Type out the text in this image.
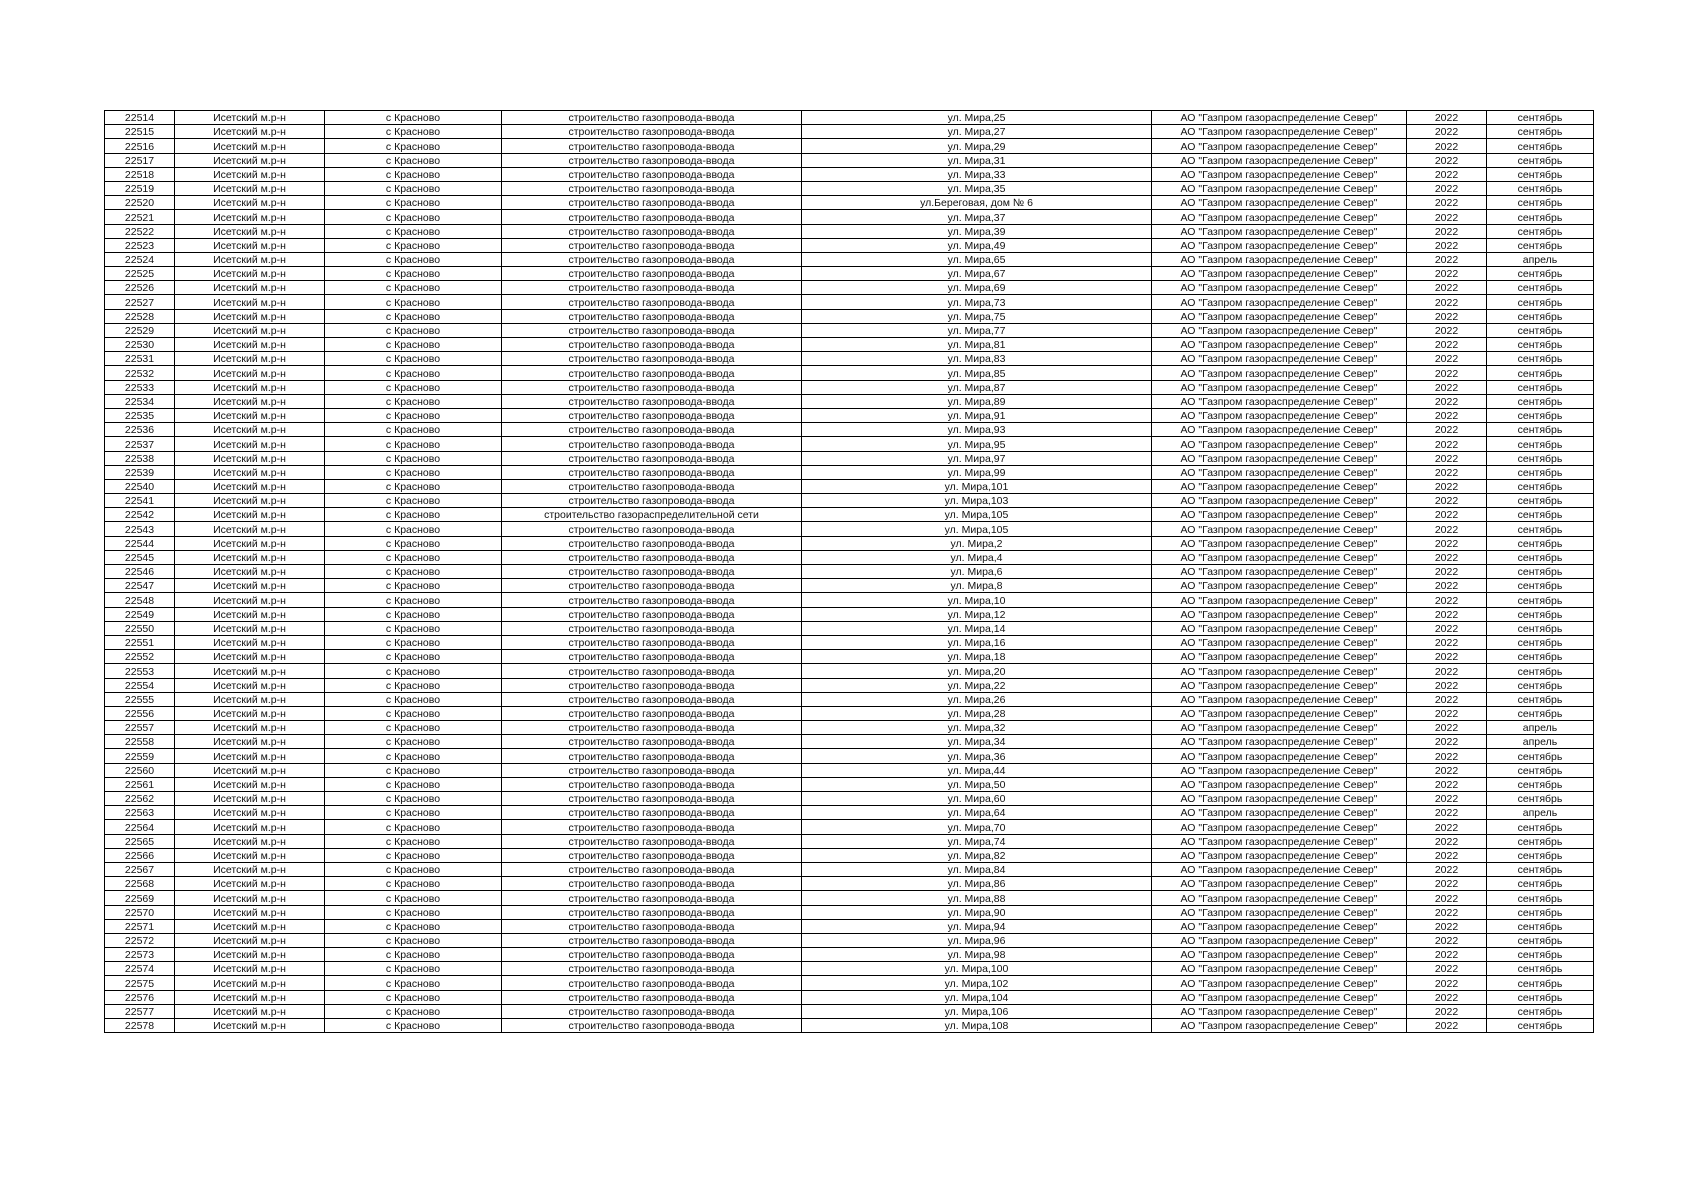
22514	Исетский м.р-н	с Красново	строительство газопровода-ввода	ул. Мира,25	АО "Газпром газораспределение Север"	2022	сентябрь
22515	Исетский м.р-н	с Красново	строительство газопровода-ввода	ул. Мира,27	АО "Газпром газораспределение Север"	2022	сентябрь
22516	Исетский м.р-н	с Красново	строительство газопровода-ввода	ул. Мира,29	АО "Газпром газораспределение Север"	2022	сентябрь
22517	Исетский м.р-н	с Красново	строительство газопровода-ввода	ул. Мира,31	АО "Газпром газораспределение Север"	2022	сентябрь
22518	Исетский м.р-н	с Красново	строительство газопровода-ввода	ул. Мира,33	АО "Газпром газораспределение Север"	2022	сентябрь
22519	Исетский м.р-н	с Красново	строительство газопровода-ввода	ул. Мира,35	АО "Газпром газораспределение Север"	2022	сентябрь
22520	Исетский м.р-н	с Красново	строительство газопровода-ввода	ул.Береговая, дом № 6	АО "Газпром газораспределение Север"	2022	сентябрь
22521	Исетский м.р-н	с Красново	строительство газопровода-ввода	ул. Мира,37	АО "Газпром газораспределение Север"	2022	сентябрь
22522	Исетский м.р-н	с Красново	строительство газопровода-ввода	ул. Мира,39	АО "Газпром газораспределение Север"	2022	сентябрь
22523	Исетский м.р-н	с Красново	строительство газопровода-ввода	ул. Мира,49	АО "Газпром газораспределение Север"	2022	сентябрь
22524	Исетский м.р-н	с Красново	строительство газопровода-ввода	ул. Мира,65	АО "Газпром газораспределение Север"	2022	апрель
22525	Исетский м.р-н	с Красново	строительство газопровода-ввода	ул. Мира,67	АО "Газпром газораспределение Север"	2022	сентябрь
22526	Исетский м.р-н	с Красново	строительство газопровода-ввода	ул. Мира,69	АО "Газпром газораспределение Север"	2022	сентябрь
22527	Исетский м.р-н	с Красново	строительство газопровода-ввода	ул. Мира,73	АО "Газпром газораспределение Север"	2022	сентябрь
22528	Исетский м.р-н	с Красново	строительство газопровода-ввода	ул. Мира,75	АО "Газпром газораспределение Север"	2022	сентябрь
22529	Исетский м.р-н	с Красново	строительство газопровода-ввода	ул. Мира,77	АО "Газпром газораспределение Север"	2022	сентябрь
22530	Исетский м.р-н	с Красново	строительство газопровода-ввода	ул. Мира,81	АО "Газпром газораспределение Север"	2022	сентябрь
22531	Исетский м.р-н	с Красново	строительство газопровода-ввода	ул. Мира,83	АО "Газпром газораспределение Север"	2022	сентябрь
22532	Исетский м.р-н	с Красново	строительство газопровода-ввода	ул. Мира,85	АО "Газпром газораспределение Север"	2022	сентябрь
22533	Исетский м.р-н	с Красново	строительство газопровода-ввода	ул. Мира,87	АО "Газпром газораспределение Север"	2022	сентябрь
22534	Исетский м.р-н	с Красново	строительство газопровода-ввода	ул. Мира,89	АО "Газпром газораспределение Север"	2022	сентябрь
22535	Исетский м.р-н	с Красново	строительство газопровода-ввода	ул. Мира,91	АО "Газпром газораспределение Север"	2022	сентябрь
22536	Исетский м.р-н	с Красново	строительство газопровода-ввода	ул. Мира,93	АО "Газпром газораспределение Север"	2022	сентябрь
22537	Исетский м.р-н	с Красново	строительство газопровода-ввода	ул. Мира,95	АО "Газпром газораспределение Север"	2022	сентябрь
22538	Исетский м.р-н	с Красново	строительство газопровода-ввода	ул. Мира,97	АО "Газпром газораспределение Север"	2022	сентябрь
22539	Исетский м.р-н	с Красново	строительство газопровода-ввода	ул. Мира,99	АО "Газпром газораспределение Север"	2022	сентябрь
22540	Исетский м.р-н	с Красново	строительство газопровода-ввода	ул. Мира,101	АО "Газпром газораспределение Север"	2022	сентябрь
22541	Исетский м.р-н	с Красново	строительство газопровода-ввода	ул. Мира,103	АО "Газпром газораспределение Север"	2022	сентябрь
22542	Исетский м.р-н	с Красново	строительство газораспределительной сети	ул. Мира,105	АО "Газпром газораспределение Север"	2022	сентябрь
22543	Исетский м.р-н	с Красново	строительство газопровода-ввода	ул. Мира,105	АО "Газпром газораспределение Север"	2022	сентябрь
22544	Исетский м.р-н	с Красново	строительство газопровода-ввода	ул. Мира,2	АО "Газпром газораспределение Север"	2022	сентябрь
22545	Исетский м.р-н	с Красново	строительство газопровода-ввода	ул. Мира,4	АО "Газпром газораспределение Север"	2022	сентябрь
22546	Исетский м.р-н	с Красново	строительство газопровода-ввода	ул. Мира,6	АО "Газпром газораспределение Север"	2022	сентябрь
22547	Исетский м.р-н	с Красново	строительство газопровода-ввода	ул. Мира,8	АО "Газпром газораспределение Север"	2022	сентябрь
22548	Исетский м.р-н	с Красново	строительство газопровода-ввода	ул. Мира,10	АО "Газпром газораспределение Север"	2022	сентябрь
22549	Исетский м.р-н	с Красново	строительство газопровода-ввода	ул. Мира,12	АО "Газпром газораспределение Север"	2022	сентябрь
22550	Исетский м.р-н	с Красново	строительство газопровода-ввода	ул. Мира,14	АО "Газпром газораспределение Север"	2022	сентябрь
22551	Исетский м.р-н	с Красново	строительство газопровода-ввода	ул. Мира,16	АО "Газпром газораспределение Север"	2022	сентябрь
22552	Исетский м.р-н	с Красново	строительство газопровода-ввода	ул. Мира,18	АО "Газпром газораспределение Север"	2022	сентябрь
22553	Исетский м.р-н	с Красново	строительство газопровода-ввода	ул. Мира,20	АО "Газпром газораспределение Север"	2022	сентябрь
22554	Исетский м.р-н	с Красново	строительство газопровода-ввода	ул. Мира,22	АО "Газпром газораспределение Север"	2022	сентябрь
22555	Исетский м.р-н	с Красново	строительство газопровода-ввода	ул. Мира,26	АО "Газпром газораспределение Север"	2022	сентябрь
22556	Исетский м.р-н	с Красново	строительство газопровода-ввода	ул. Мира,28	АО "Газпром газораспределение Север"	2022	сентябрь
22557	Исетский м.р-н	с Красново	строительство газопровода-ввода	ул. Мира,32	АО "Газпром газораспределение Север"	2022	апрель
22558	Исетский м.р-н	с Красново	строительство газопровода-ввода	ул. Мира,34	АО "Газпром газораспределение Север"	2022	апрель
22559	Исетский м.р-н	с Красново	строительство газопровода-ввода	ул. Мира,36	АО "Газпром газораспределение Север"	2022	сентябрь
22560	Исетский м.р-н	с Красново	строительство газопровода-ввода	ул. Мира,44	АО "Газпром газораспределение Север"	2022	сентябрь
22561	Исетский м.р-н	с Красново	строительство газопровода-ввода	ул. Мира,50	АО "Газпром газораспределение Север"	2022	сентябрь
22562	Исетский м.р-н	с Красново	строительство газопровода-ввода	ул. Мира,60	АО "Газпром газораспределение Север"	2022	сентябрь
22563	Исетский м.р-н	с Красново	строительство газопровода-ввода	ул. Мира,64	АО "Газпром газораспределение Север"	2022	апрель
22564	Исетский м.р-н	с Красново	строительство газопровода-ввода	ул. Мира,70	АО "Газпром газораспределение Север"	2022	сентябрь
22565	Исетский м.р-н	с Красново	строительство газопровода-ввода	ул. Мира,74	АО "Газпром газораспределение Север"	2022	сентябрь
22566	Исетский м.р-н	с Красново	строительство газопровода-ввода	ул. Мира,82	АО "Газпром газораспределение Север"	2022	сентябрь
22567	Исетский м.р-н	с Красново	строительство газопровода-ввода	ул. Мира,84	АО "Газпром газораспределение Север"	2022	сентябрь
22568	Исетский м.р-н	с Красново	строительство газопровода-ввода	ул. Мира,86	АО "Газпром газораспределение Север"	2022	сентябрь
22569	Исетский м.р-н	с Красново	строительство газопровода-ввода	ул. Мира,88	АО "Газпром газораспределение Север"	2022	сентябрь
22570	Исетский м.р-н	с Красново	строительство газопровода-ввода	ул. Мира,90	АО "Газпром газораспределение Север"	2022	сентябрь
22571	Исетский м.р-н	с Красново	строительство газопровода-ввода	ул. Мира,94	АО "Газпром газораспределение Север"	2022	сентябрь
22572	Исетский м.р-н	с Красново	строительство газопровода-ввода	ул. Мира,96	АО "Газпром газораспределение Север"	2022	сентябрь
22573	Исетский м.р-н	с Красново	строительство газопровода-ввода	ул. Мира,98	АО "Газпром газораспределение Север"	2022	сентябрь
22574	Исетский м.р-н	с Красново	строительство газопровода-ввода	ул. Мира,100	АО "Газпром газораспределение Север"	2022	сентябрь
22575	Исетский м.р-н	с Красново	строительство газопровода-ввода	ул. Мира,102	АО "Газпром газораспределение Север"	2022	сентябрь
22576	Исетский м.р-н	с Красново	строительство газопровода-ввода	ул. Мира,104	АО "Газпром газораспределение Север"	2022	сентябрь
22577	Исетский м.р-н	с Красново	строительство газопровода-ввода	ул. Мира,106	АО "Газпром газораспределение Север"	2022	сентябрь
22578	Исетский м.р-н	с Красново	строительство газопровода-ввода	ул. Мира,108	АО "Газпром газораспределение Север"	2022	сентябрь
